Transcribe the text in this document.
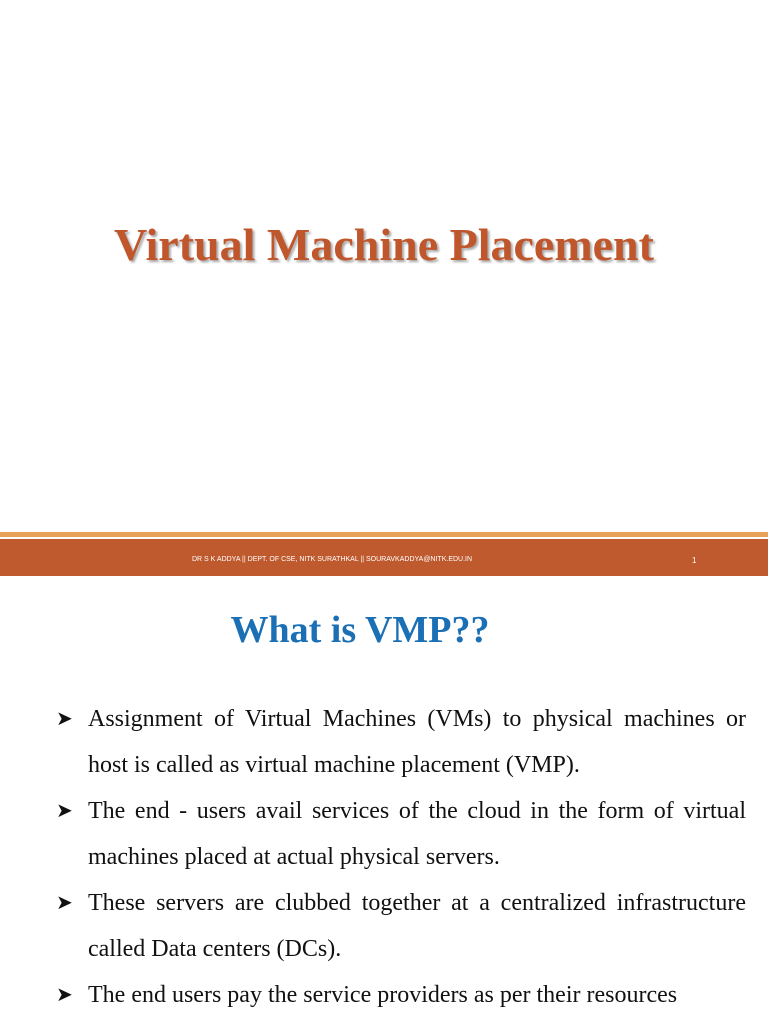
Virtual Machine Placement
DR S K ADDYA || DEPT. OF CSE, NITK SURATHKAL || SOURAVKADDYA@NITK.EDU.IN	1
What is VMP??
➤ Assignment of Virtual Machines (VMs) to physical machines or host is called as virtual machine placement (VMP).
➤ The end - users avail services of the cloud in the form of virtual machines placed at actual physical servers.
➤ These servers are clubbed together at a centralized infrastructure called Data centers (DCs).
➤ The end users pay the service providers as per their resources
